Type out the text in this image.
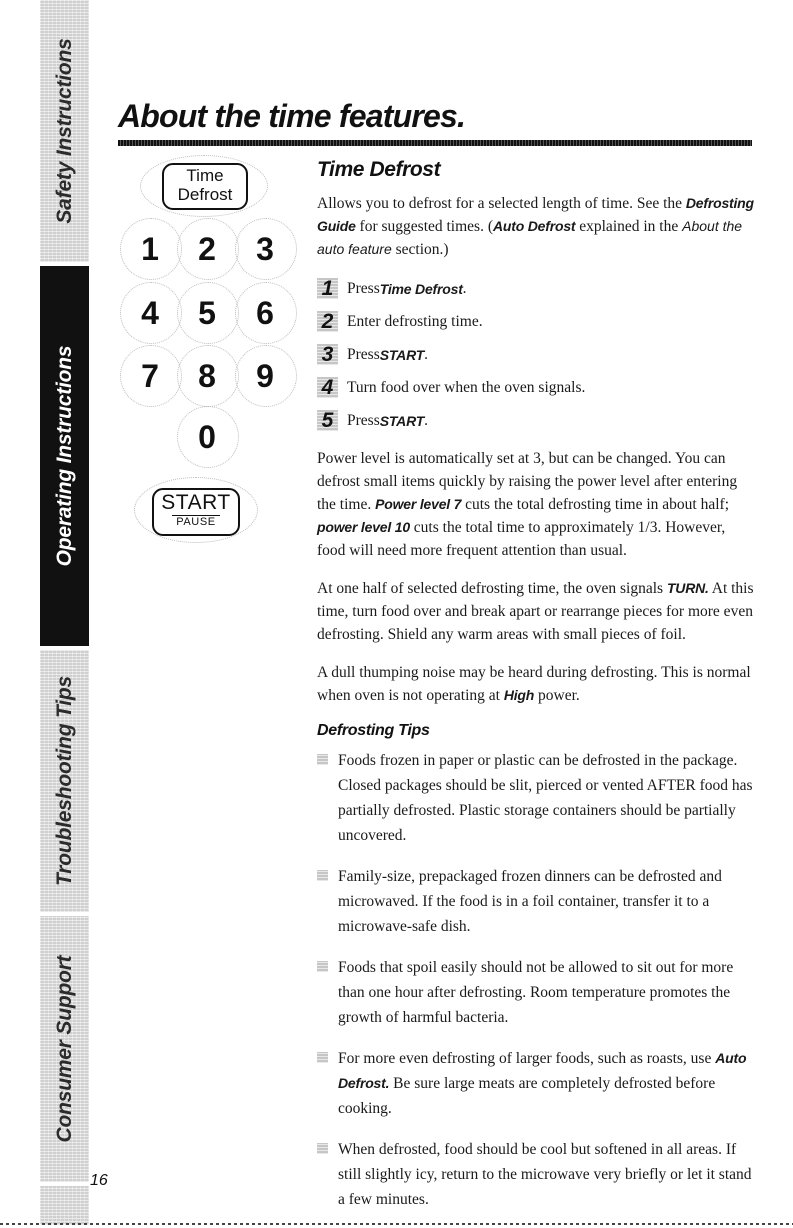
Safety Instructions
Operating Instructions
Troubleshooting Tips
Consumer Support
About the time features.
Time
Defrost
1 2 3
4 5 6
7 8 9
0
START
PAUSE
Time Defrost

Allows you to defrost for a selected length of time. See the Defrosting Guide for suggested times. (Auto Defrost explained in the About the auto feature section.)

1 Press Time Defrost .
2 Enter defrosting time.
3 Press START .
4 Turn food over when the oven signals.
5 Press START .

Power level is automatically set at 3, but can be changed. You can defrost small items quickly by raising the power level after entering the time. Power level 7 cuts the total defrosting time in about half; power level 10 cuts the total time to approximately 1/3. However, food will need more frequent attention than usual.

At one half of selected defrosting time, the oven signals TURN. At this time, turn food over and break apart or rearrange pieces for more even defrosting. Shield any warm areas with small pieces of foil.

A dull thumping noise may be heard during defrosting. This is normal when oven is not operating at High power.

Defrosting Tips
Foods frozen in paper or plastic can be defrosted in the package. Closed packages should be slit, pierced or vented AFTER food has partially defrosted. Plastic storage containers should be partially uncovered.
Family-size, prepackaged frozen dinners can be defrosted and microwaved. If the food is in a foil container, transfer it to a microwave-safe dish.
Foods that spoil easily should not be allowed to sit out for more than one hour after defrosting. Room temperature promotes the growth of harmful bacteria.
For more even defrosting of larger foods, such as roasts, use Auto Defrost. Be sure large meats are completely defrosted before cooking.
When defrosted, food should be cool but softened in all areas. If still slightly icy, return to the microwave very briefly or let it stand a few minutes.
16
